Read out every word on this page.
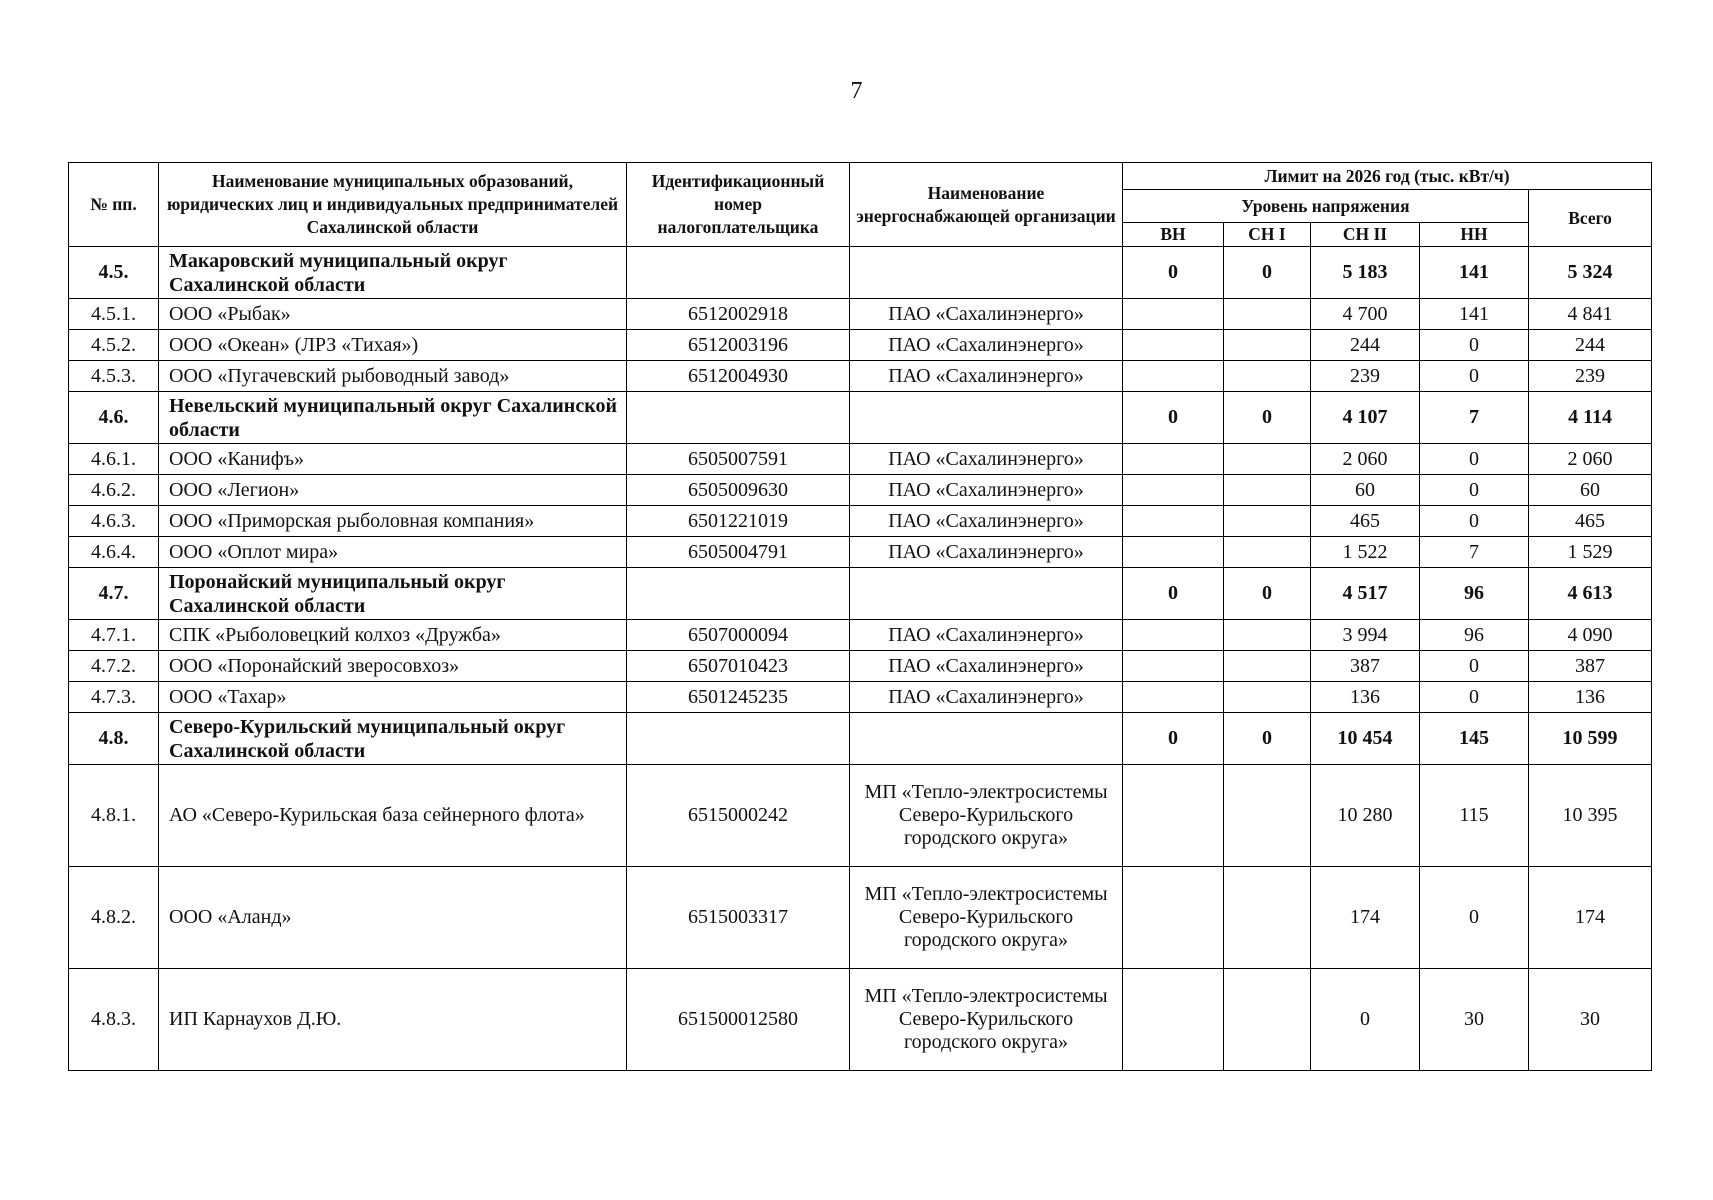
7
№ пп.	Наименование муниципальных образований, юридических лиц и индивидуальных предпринимателей Сахалинской области	Идентификационный номер налогоплательщика	Наименование энергоснабжающей организации	Лимит на 2026 год (тыс. кВт/ч)				
				Уровень напряжения				Всего
				ВН	СН I	СН II	НН	
4.5.	Макаровский муниципальный округ Сахалинской области			0	0	5 183	141	5 324
4.5.1.	ООО «Рыбак»	6512002918	ПАО «Сахалинэнерго»			4 700	141	4 841
4.5.2.	ООО «Океан» (ЛРЗ «Тихая»)	6512003196	ПАО «Сахалинэнерго»			244	0	244
4.5.3.	ООО «Пугачевский рыбоводный завод»	6512004930	ПАО «Сахалинэнерго»			239	0	239
4.6.	Невельский муниципальный округ Сахалинской области			0	0	4 107	7	4 114
4.6.1.	ООО «Канифъ»	6505007591	ПАО «Сахалинэнерго»			2 060	0	2 060
4.6.2.	ООО «Легион»	6505009630	ПАО «Сахалинэнерго»			60	0	60
4.6.3.	ООО «Приморская рыболовная компания»	6501221019	ПАО «Сахалинэнерго»			465	0	465
4.6.4.	ООО «Оплот мира»	6505004791	ПАО «Сахалинэнерго»			1 522	7	1 529
4.7.	Поронайский муниципальный округ Сахалинской области			0	0	4 517	96	4 613
4.7.1.	СПК «Рыболовецкий колхоз «Дружба»	6507000094	ПАО «Сахалинэнерго»			3 994	96	4 090
4.7.2.	ООО «Поронайский зверосовхоз»	6507010423	ПАО «Сахалинэнерго»			387	0	387
4.7.3.	ООО «Тахар»	6501245235	ПАО «Сахалинэнерго»			136	0	136
4.8.	Северо-Курильский муниципальный округ Сахалинской области			0	0	10 454	145	10 599
4.8.1.	АО «Северо-Курильская база сейнерного флота»	6515000242	МП «Тепло-электросистемы Северо-Курильского городского округа»			10 280	115	10 395
4.8.2.	ООО «Аланд»	6515003317	МП «Тепло-электросистемы Северо-Курильского городского округа»			174	0	174
4.8.3.	ИП Карнаухов Д.Ю.	651500012580	МП «Тепло-электросистемы Северо-Курильского городского округа»			0	30	30
